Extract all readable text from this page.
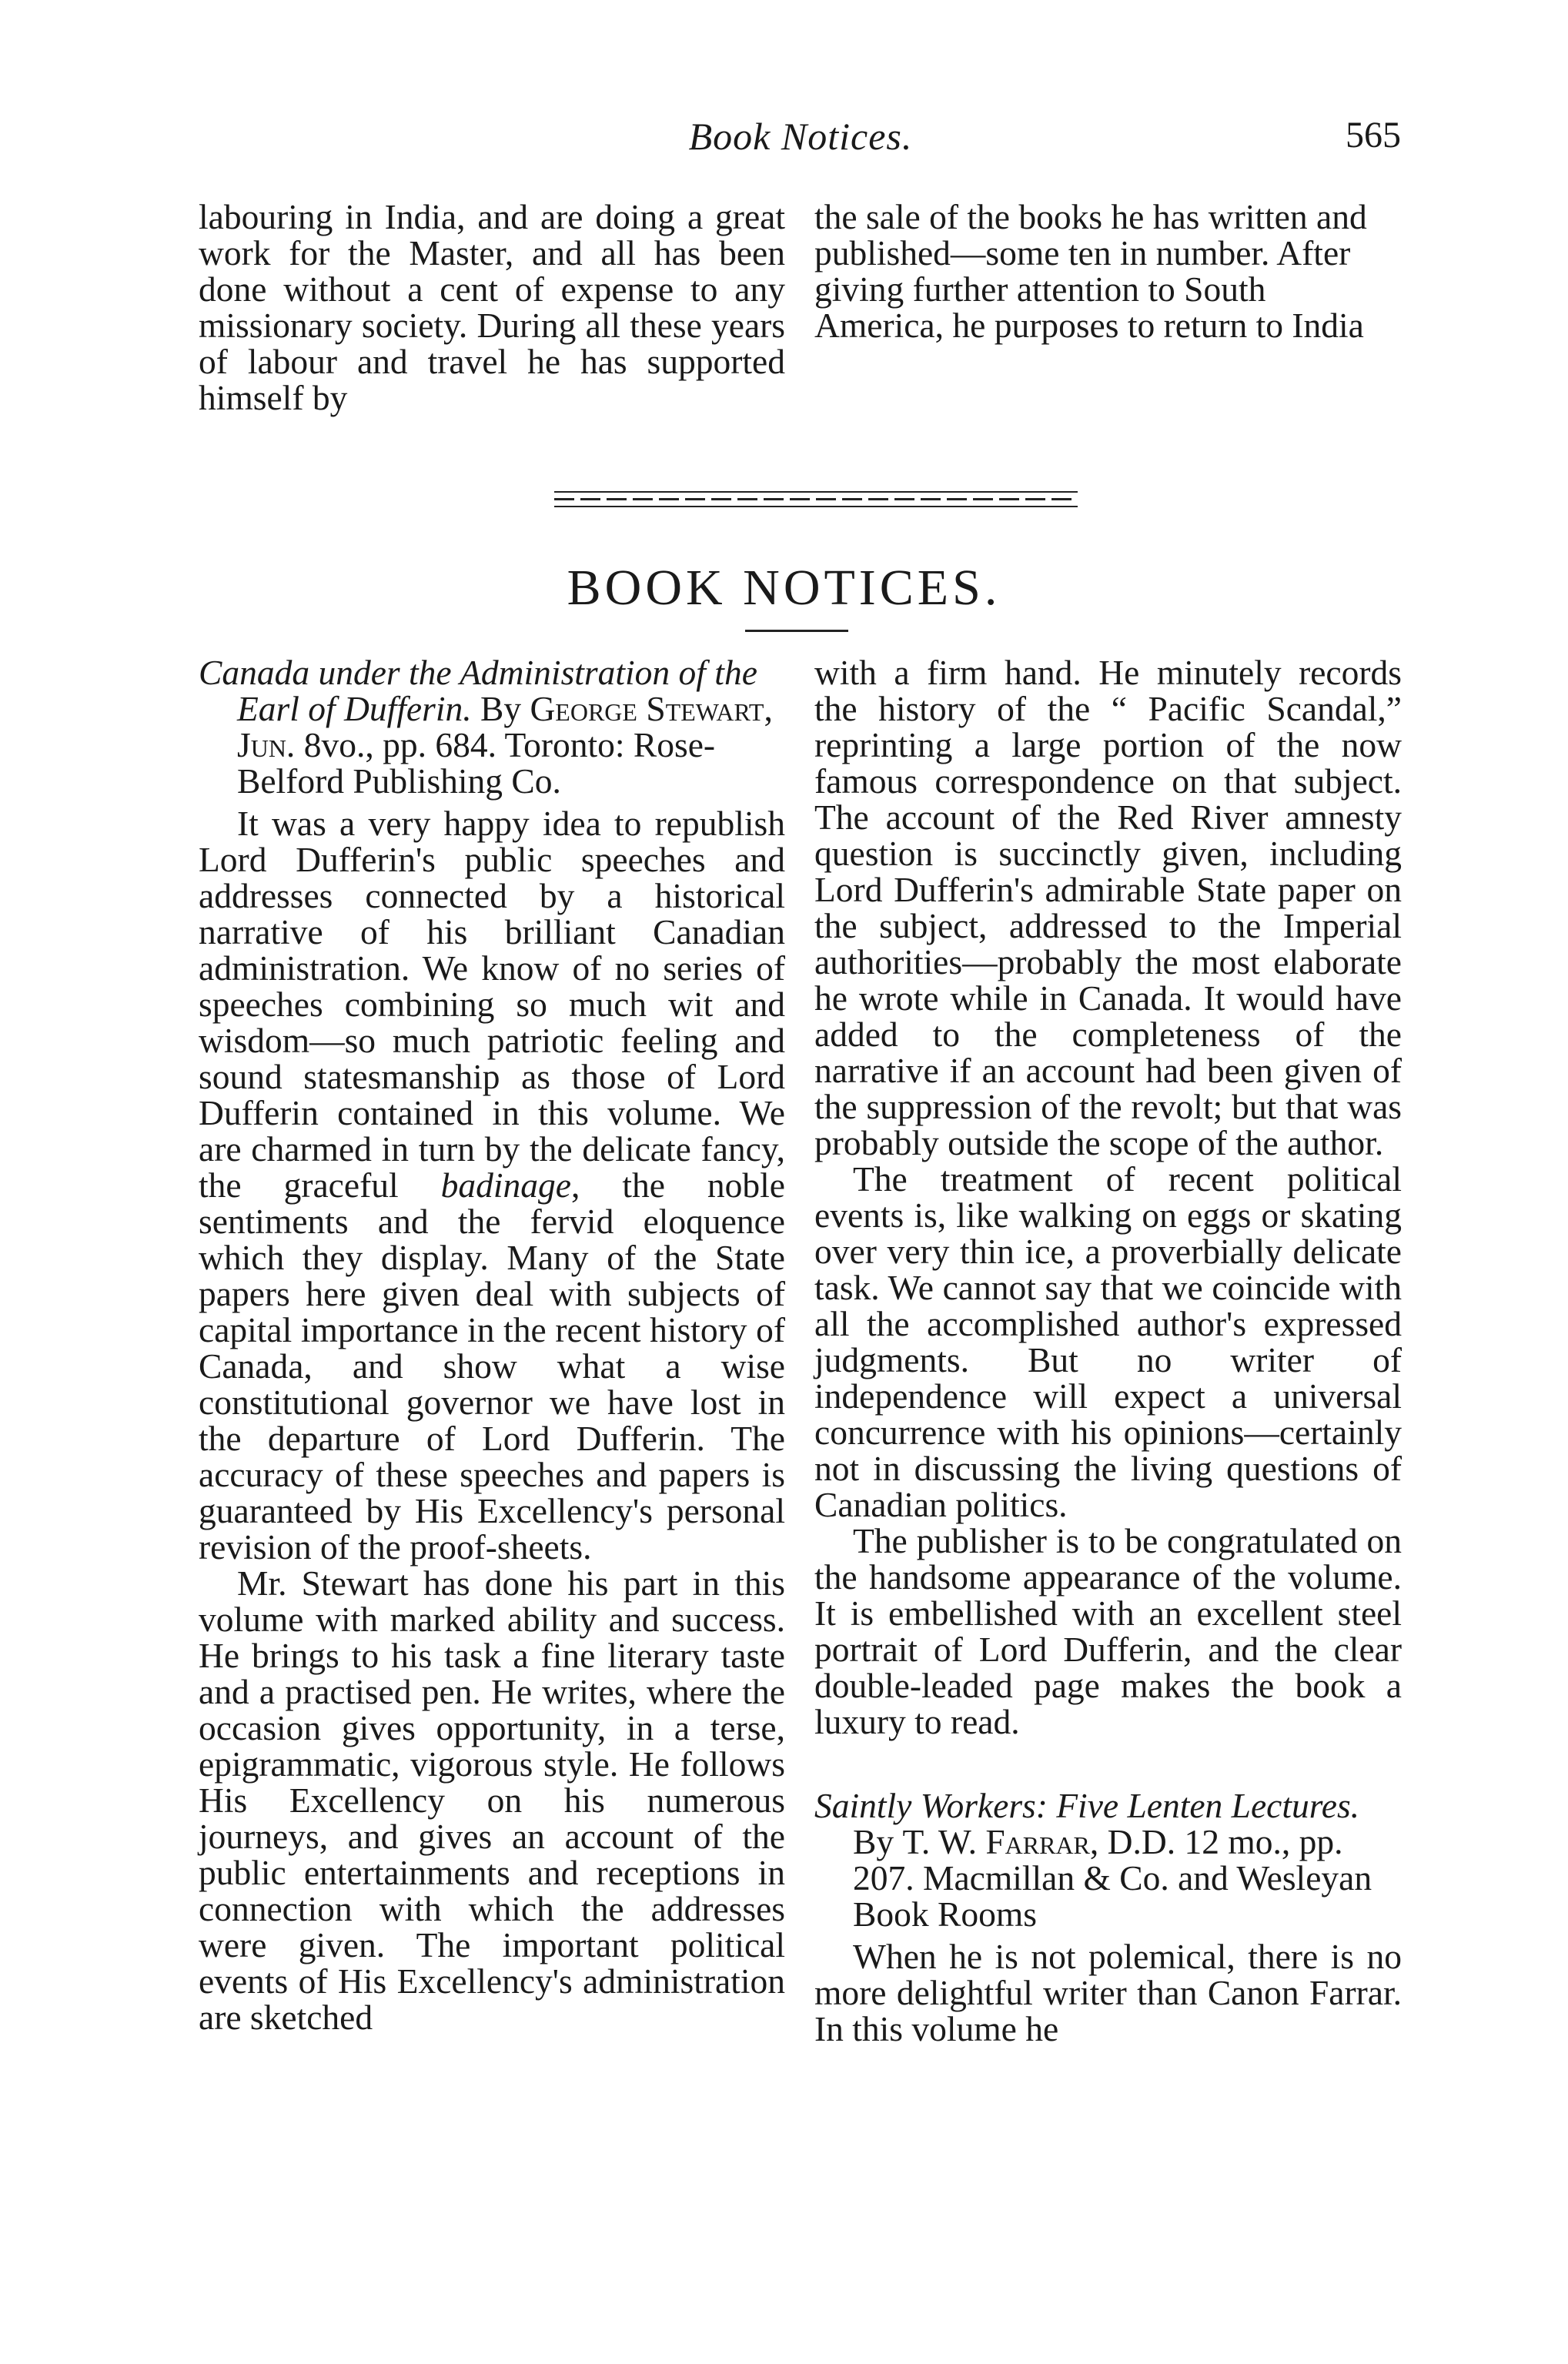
Book Notices.	565

labouring in India, and are doing a great work for the Master, and all has been done without a cent of expense to any missionary society. During all these years of labour and travel he has supported himself by

the sale of the books he has written and published—some ten in number. After giving further attention to South America, he purposes to return to India

BOOK NOTICES.

Canada under the Administration of the Earl of Dufferin. By George Stewart, Jun. 8vo., pp. 684. Toronto: Rose-Belford Publishing Co.

It was a very happy idea to republish Lord Dufferin's public speeches and addresses connected by a historical narrative of his brilliant Canadian administration. We know of no series of speeches combining so much wit and wisdom—so much patriotic feeling and sound statesmanship as those of Lord Dufferin contained in this volume. We are charmed in turn by the delicate fancy, the graceful badinage, the noble sentiments and the fervid eloquence which they display. Many of the State papers here given deal with subjects of capital importance in the recent history of Canada, and show what a wise constitutional governor we have lost in the departure of Lord Dufferin. The accuracy of these speeches and papers is guaranteed by His Excellency's personal revision of the proof-sheets.

Mr. Stewart has done his part in this volume with marked ability and success. He brings to his task a fine literary taste and a practised pen. He writes, where the occasion gives opportunity, in a terse, epigrammatic, vigorous style. He follows His Excellency on his numerous journeys, and gives an account of the public entertainments and receptions in connection with which the addresses were given. The important political events of His Excellency's administration are sketched

with a firm hand. He minutely records the history of the “ Pacific Scandal,” reprinting a large portion of the now famous correspondence on that subject. The account of the Red River amnesty question is succinctly given, including Lord Dufferin's admirable State paper on the subject, addressed to the Imperial authorities—probably the most elaborate he wrote while in Canada. It would have added to the completeness of the narrative if an account had been given of the suppression of the revolt; but that was probably outside the scope of the author.

The treatment of recent political events is, like walking on eggs or skating over very thin ice, a proverbially delicate task. We cannot say that we coincide with all the accomplished author's expressed judgments. But no writer of independence will expect a universal concurrence with his opinions—certainly not in discussing the living questions of Canadian politics.

The publisher is to be congratulated on the handsome appearance of the volume. It is embellished with an excellent steel portrait of Lord Dufferin, and the clear double-leaded page makes the book a luxury to read.

Saintly Workers: Five Lenten Lectures. By T. W. Farrar, D.D. 12 mo., pp. 207. Macmillan & Co. and Wesleyan Book Rooms

When he is not polemical, there is no more delightful writer than Canon Farrar. In this volume he
